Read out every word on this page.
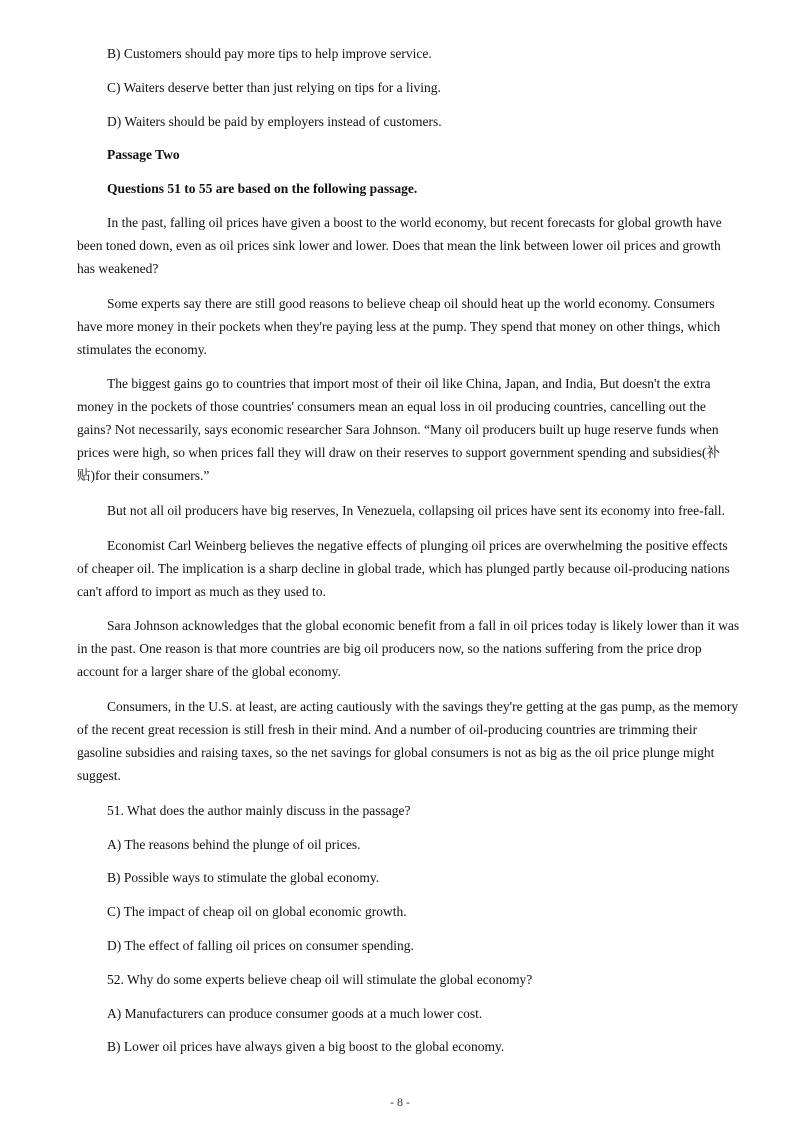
B) Customers should pay more tips to help improve service.

C) Waiters deserve better than just relying on tips for a living.

D) Waiters should be paid by employers instead of customers.

Passage Two

Questions 51 to 55 are based on the following passage.

In the past, falling oil prices have given a boost to the world economy, but recent forecasts for global growth have been toned down, even as oil prices sink lower and lower. Does that mean the link between lower oil prices and growth has weakened?

Some experts say there are still good reasons to believe cheap oil should heat up the world economy. Consumers have more money in their pockets when they're paying less at the pump. They spend that money on other things, which stimulates the economy.

The biggest gains go to countries that import most of their oil like China, Japan, and India, But doesn't the extra money in the pockets of those countries' consumers mean an equal loss in oil producing countries, cancelling out the gains? Not necessarily, says economic researcher Sara Johnson. “Many oil producers built up huge reserve funds when prices were high, so when prices fall they will draw on their reserves to support government spending and subsidies(补贴)for their consumers.”

But not all oil producers have big reserves, In Venezuela, collapsing oil prices have sent its economy into free-fall.

Economist Carl Weinberg believes the negative effects of plunging oil prices are overwhelming the positive effects of cheaper oil. The implication is a sharp decline in global trade, which has plunged partly because oil-producing nations can't afford to import as much as they used to.

Sara Johnson acknowledges that the global economic benefit from a fall in oil prices today is likely lower than it was in the past. One reason is that more countries are big oil producers now, so the nations suffering from the price drop account for a larger share of the global economy.

Consumers, in the U.S. at least, are acting cautiously with the savings they're getting at the gas pump, as the memory of the recent great recession is still fresh in their mind. And a number of oil-producing countries are trimming their gasoline subsidies and raising taxes, so the net savings for global consumers is not as big as the oil price plunge might suggest.

51. What does the author mainly discuss in the passage?

A) The reasons behind the plunge of oil prices.

B) Possible ways to stimulate the global economy.

C) The impact of cheap oil on global economic growth.

D) The effect of falling oil prices on consumer spending.

52. Why do some experts believe cheap oil will stimulate the global economy?

A) Manufacturers can produce consumer goods at a much lower cost.

B) Lower oil prices have always given a big boost to the global economy.

- 8 -
